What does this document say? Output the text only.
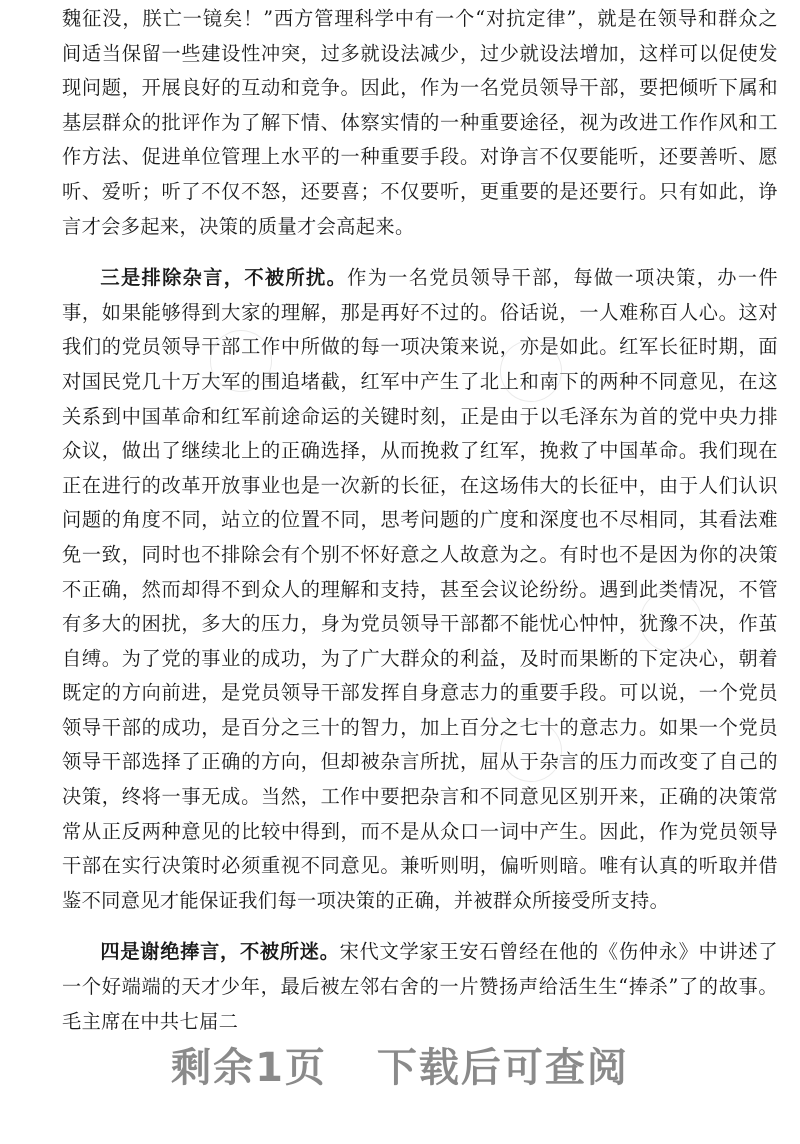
魏征没，朕亡一镜矣！”西方管理科学中有一个“对抗定律”，就是在领导和群众之间适当保留一些建设性冲突，过多就设法减少，过少就设法增加，这样可以促使发现问题，开展良好的互动和竞争。因此，作为一名党员领导干部，要把倾听下属和基层群众的批评作为了解下情、体察实情的一种重要途径，视为改进工作作风和工作方法、促进单位管理上水平的一种重要手段。对诤言不仅要能听，还要善听、愿听、爱听；听了不仅不怒，还要喜；不仅要听，更重要的是还要行。只有如此，诤言才会多起来，决策的质量才会高起来。

三是排除杂言，不被所扰。作为一名党员领导干部，每做一项决策，办一件事，如果能够得到大家的理解，那是再好不过的。俗话说，一人难称百人心。这对我们的党员领导干部工作中所做的每一项决策来说，亦是如此。红军长征时期，面对国民党几十万大军的围追堵截，红军中产生了北上和南下的两种不同意见，在这关系到中国革命和红军前途命运的关键时刻，正是由于以毛泽东为首的党中央力排众议，做出了继续北上的正确选择，从而挽救了红军，挽救了中国革命。我们现在正在进行的改革开放事业也是一次新的长征，在这场伟大的长征中，由于人们认识问题的角度不同，站立的位置不同，思考问题的广度和深度也不尽相同，其看法难免一致，同时也不排除会有个别不怀好意之人故意为之。有时也不是因为你的决策不正确，然而却得不到众人的理解和支持，甚至会议论纷纷。遇到此类情况，不管有多大的困扰，多大的压力，身为党员领导干部都不能忧心忡忡，犹豫不决，作茧自缚。为了党的事业的成功，为了广大群众的利益，及时而果断的下定决心，朝着既定的方向前进，是党员领导干部发挥自身意志力的重要手段。可以说，一个党员领导干部的成功，是百分之三十的智力，加上百分之七十的意志力。如果一个党员领导干部选择了正确的方向，但却被杂言所扰，屈从于杂言的压力而改变了自己的决策，终将一事无成。当然，工作中要把杂言和不同意见区别开来，正确的决策常常从正反两种意见的比较中得到，而不是从众口一词中产生。因此，作为党员领导干部在实行决策时必须重视不同意见。兼听则明，偏听则暗。唯有认真的听取并借鉴不同意见才能保证我们每一项决策的正确，并被群众所接受所支持。

四是谢绝捧言，不被所迷。宋代文学家王安石曾经在他的《伤仲永》中讲述了一个好端端的天才少年，最后被左邻右舍的一片赞扬声给活生生“捧杀”了的故事。毛主席在中共七届二

剩余1页 下载后可查阅
